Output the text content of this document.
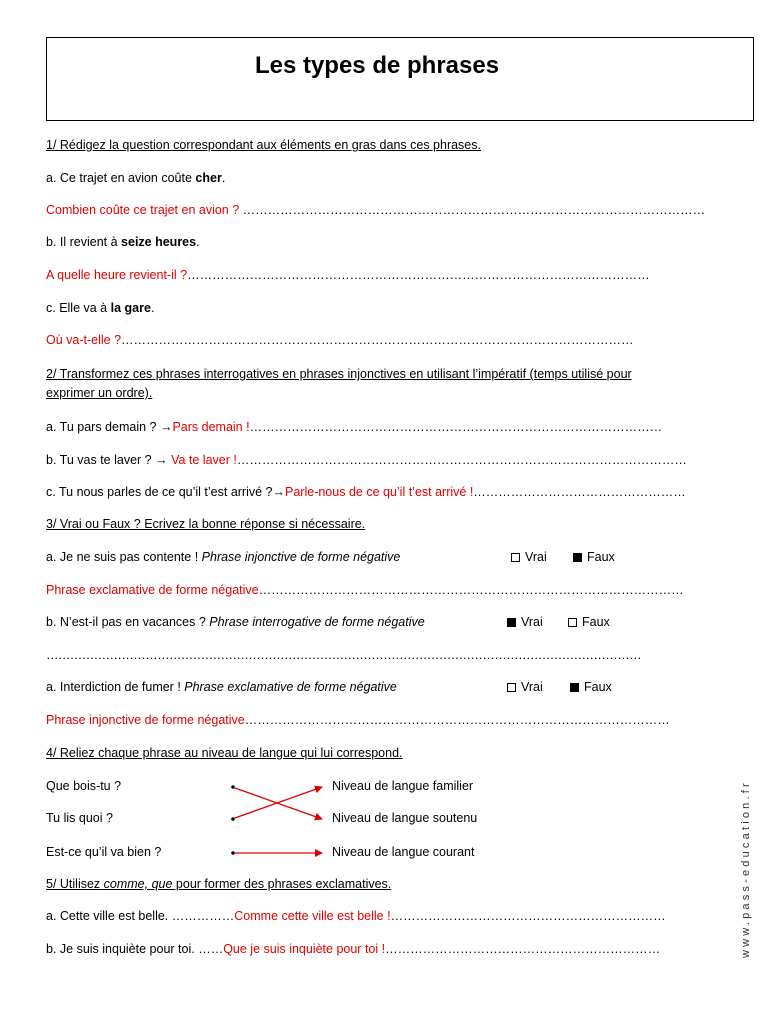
Les types de phrases
1/ Rédigez la question correspondant aux éléments en gras dans ces phrases.
a. Ce trajet en avion coûte cher.
Combien coûte ce trajet en avion ? …………………………………………………………………………………………………
b. Il revient à seize heures.
A quelle heure revient-il ?…………………………………………………………………………………………………
c. Elle va à la gare.
Où va-t-elle ?……………………………………………………………………………………………………………
2/ Transformez ces phrases interrogatives en phrases injonctives en utilisant l’impératif (temps utilisé pour
exprimer un ordre).
a. Tu pars demain ? →Pars demain !………………………………………………………………………………………
b. Tu vas te laver ? → Va te laver !………………………………………………………………………………………………
c. Tu nous parles de ce qu’il t’est arrivé ?→Parle-nous de ce qu’il t’est arrivé !……………………………………………
3/ Vrai ou Faux ? Ecrivez la bonne réponse si nécessaire.
a. Je ne suis pas contente ! Phrase injonctive de forme négative	Vrai	Faux
Phrase exclamative de forme négative…………………………………………………………………………………………
b. N’est-il pas en vacances ? Phrase interrogative de forme négative	Vrai	Faux
……………………………………………………………………………………………………………………………………
a. Interdiction de fumer ! Phrase exclamative de forme négative	Vrai	Faux
Phrase injonctive de forme négative…………………………………………………………………………………………
4/ Reliez chaque phrase au niveau de langue qui lui correspond.
Que bois-tu ?
Tu lis quoi ?
Est-ce qu’il va bien ?
Niveau de langue familier
Niveau de langue soutenu
Niveau de langue courant
5/ Utilisez comme, que pour former des phrases exclamatives.
a. Cette ville est belle. ……………Comme cette ville est belle !…………………………………………………………
b. Je suis inquiète pour toi. ……Que je suis inquiète pour toi !…………………………………………………………	www.pass-education.fr
